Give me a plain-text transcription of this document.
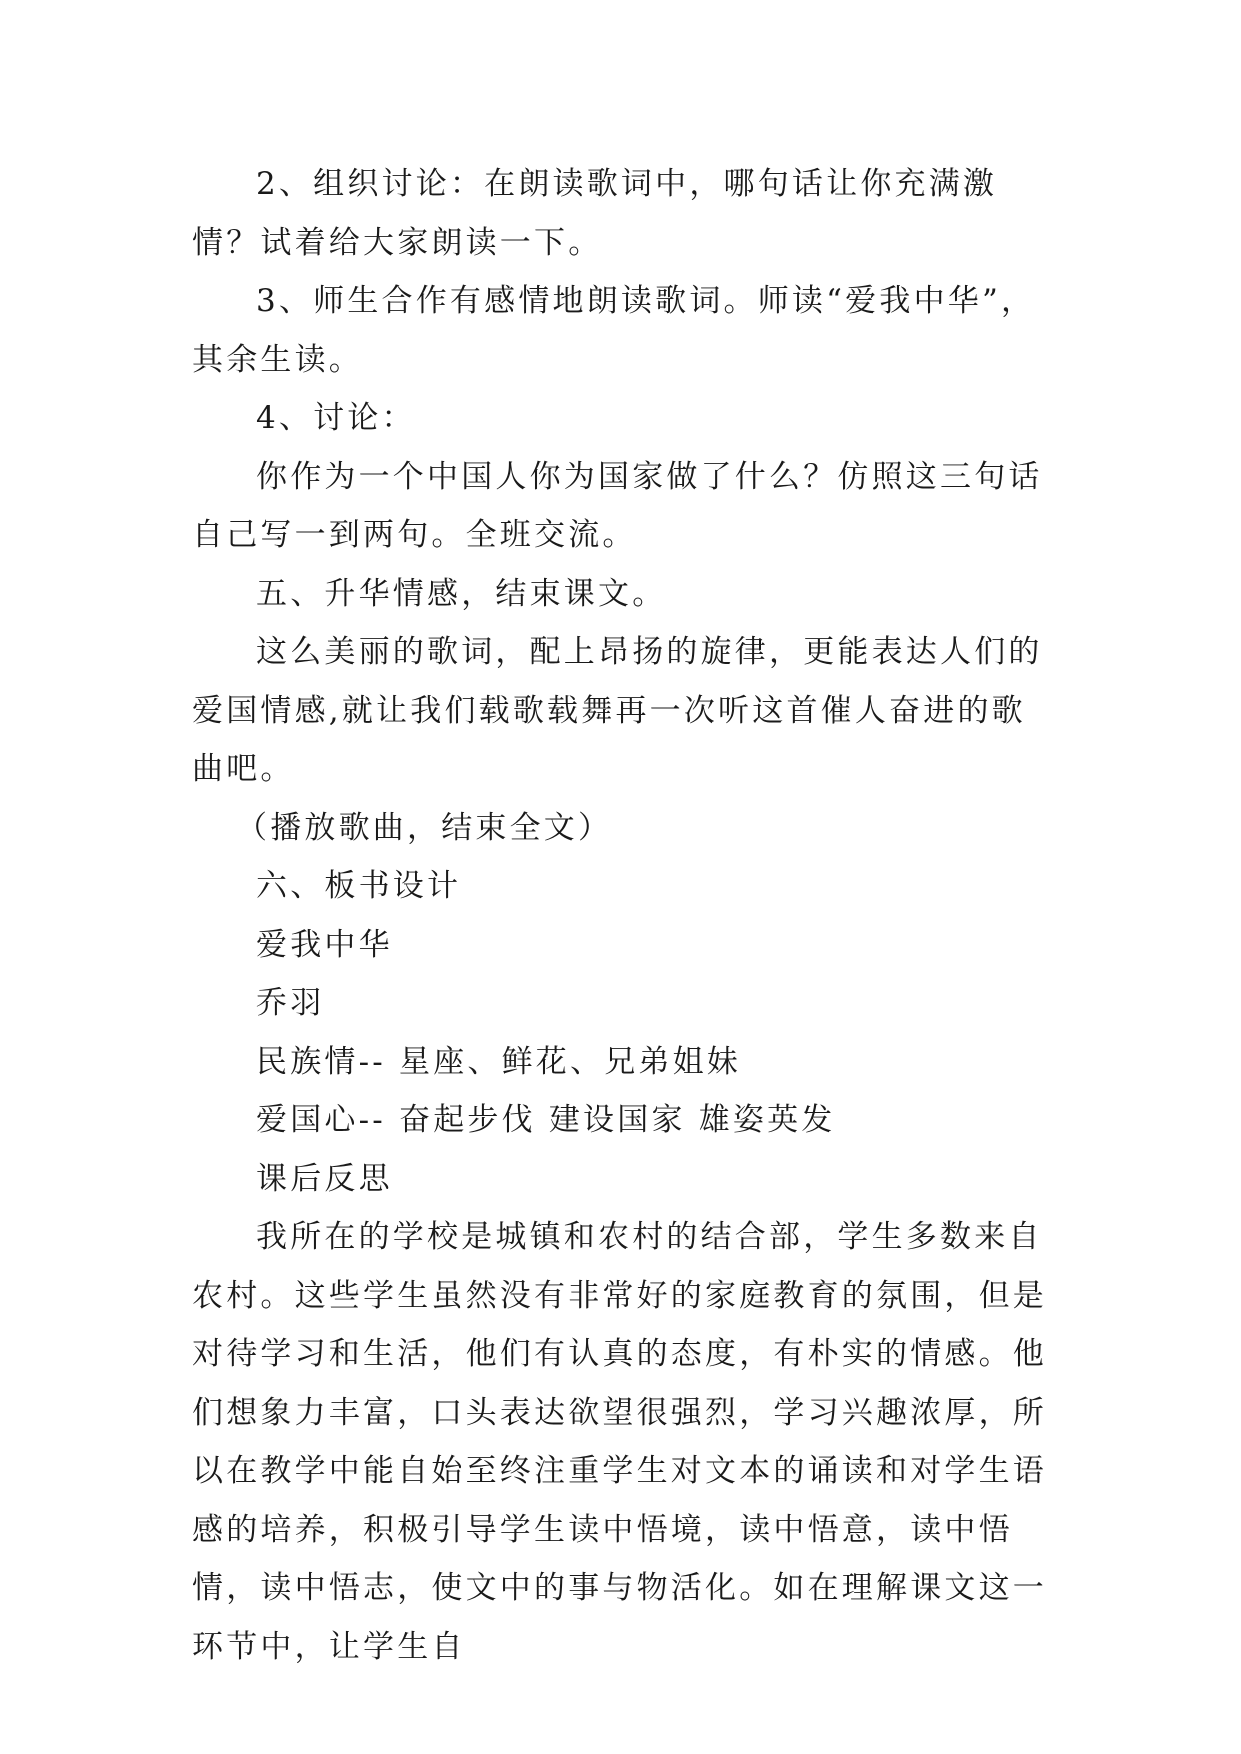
2、组织讨论：在朗读歌词中，哪句话让你充满激情？试着给大家朗读一下。

3、师生合作有感情地朗读歌词。师读“爱我中华”，其余生读。

4、讨论：

你作为一个中国人你为国家做了什么？仿照这三句话自己写一到两句。全班交流。

五、升华情感，结束课文。

这么美丽的歌词，配上昂扬的旋律，更能表达人们的爱国情感,就让我们载歌载舞再一次听这首催人奋进的歌曲吧。

（播放歌曲，结束全文）

六、板书设计

爱我中华

乔羽

民族情-- 星座、鲜花、兄弟姐妹

爱国心-- 奋起步伐 建设国家 雄姿英发

课后反思

我所在的学校是城镇和农村的结合部，学生多数来自农村。这些学生虽然没有非常好的家庭教育的氛围，但是对待学习和生活，他们有认真的态度，有朴实的情感。他们想象力丰富，口头表达欲望很强烈，学习兴趣浓厚，所以在教学中能自始至终注重学生对文本的诵读和对学生语感的培养，积极引导学生读中悟境，读中悟意，读中悟情，读中悟志，使文中的事与物活化。如在理解课文这一环节中，让学生自
